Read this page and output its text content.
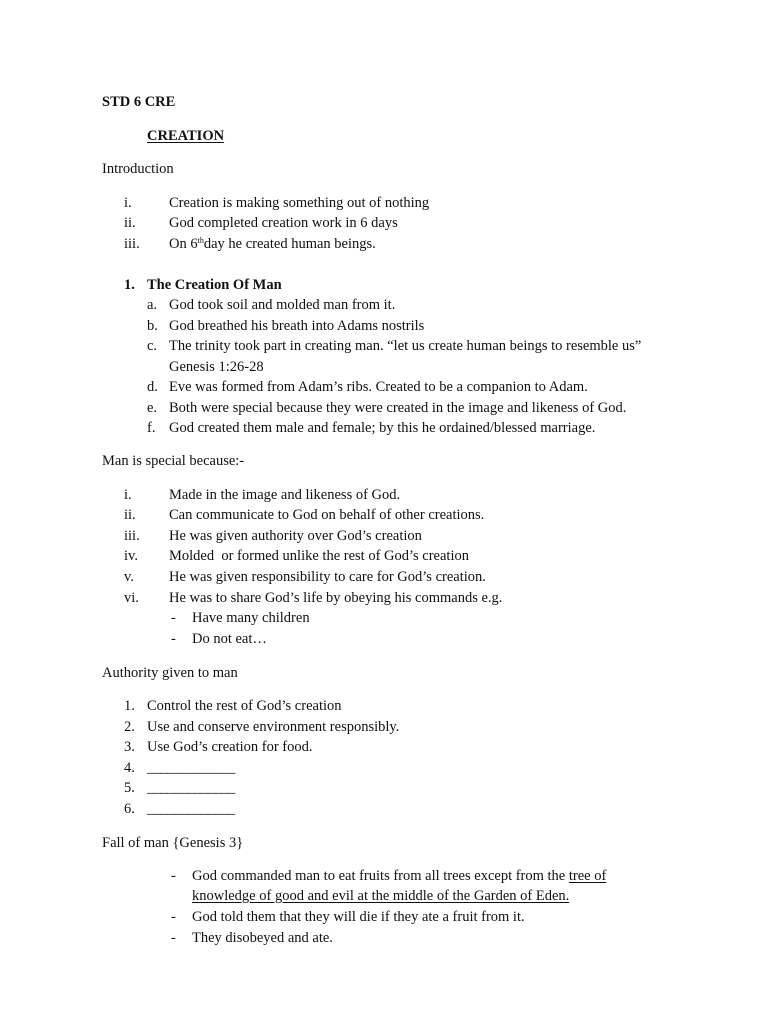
STD 6 CRE
CREATION
Introduction
i.	Creation is making something out of nothing
ii. God completed creation work in 6 days
iii. On 6thday he created human beings.
1. The Creation Of Man
a. God took soil and molded man from it.
b. God breathed his breath into Adams nostrils
c. The trinity took part in creating man. “let us create human beings to resemble us”
Genesis 1:26-28
d. Eve was formed from Adam’s ribs. Created to be a companion to Adam.
e. Both were special because they were created in the image and likeness of God.
f. God created them male and female; by this he ordained/blessed marriage.
Man is special because:-
i.	Made in the image and likeness of God.
ii. Can communicate to God on behalf of other creations.
iii. He was given authority over God’s creation
iv. Molded  or formed unlike the rest of God’s creation
v. He was given responsibility to care for God’s creation.
vi. He was to share God’s life by obeying his commands e.g.
- Have many children
- Do not eat…
Authority given to man
1. Control the rest of God’s creation
2. Use and conserve environment responsibly.
3. Use God’s creation for food.
4. _____________
5. _____________
6. _____________
Fall of man {Genesis 3}
- God commanded man to eat fruits from all trees except from the tree of
knowledge of good and evil at the middle of the Garden of Eden.
- God told them that they will die if they ate a fruit from it.
- They disobeyed and ate.
